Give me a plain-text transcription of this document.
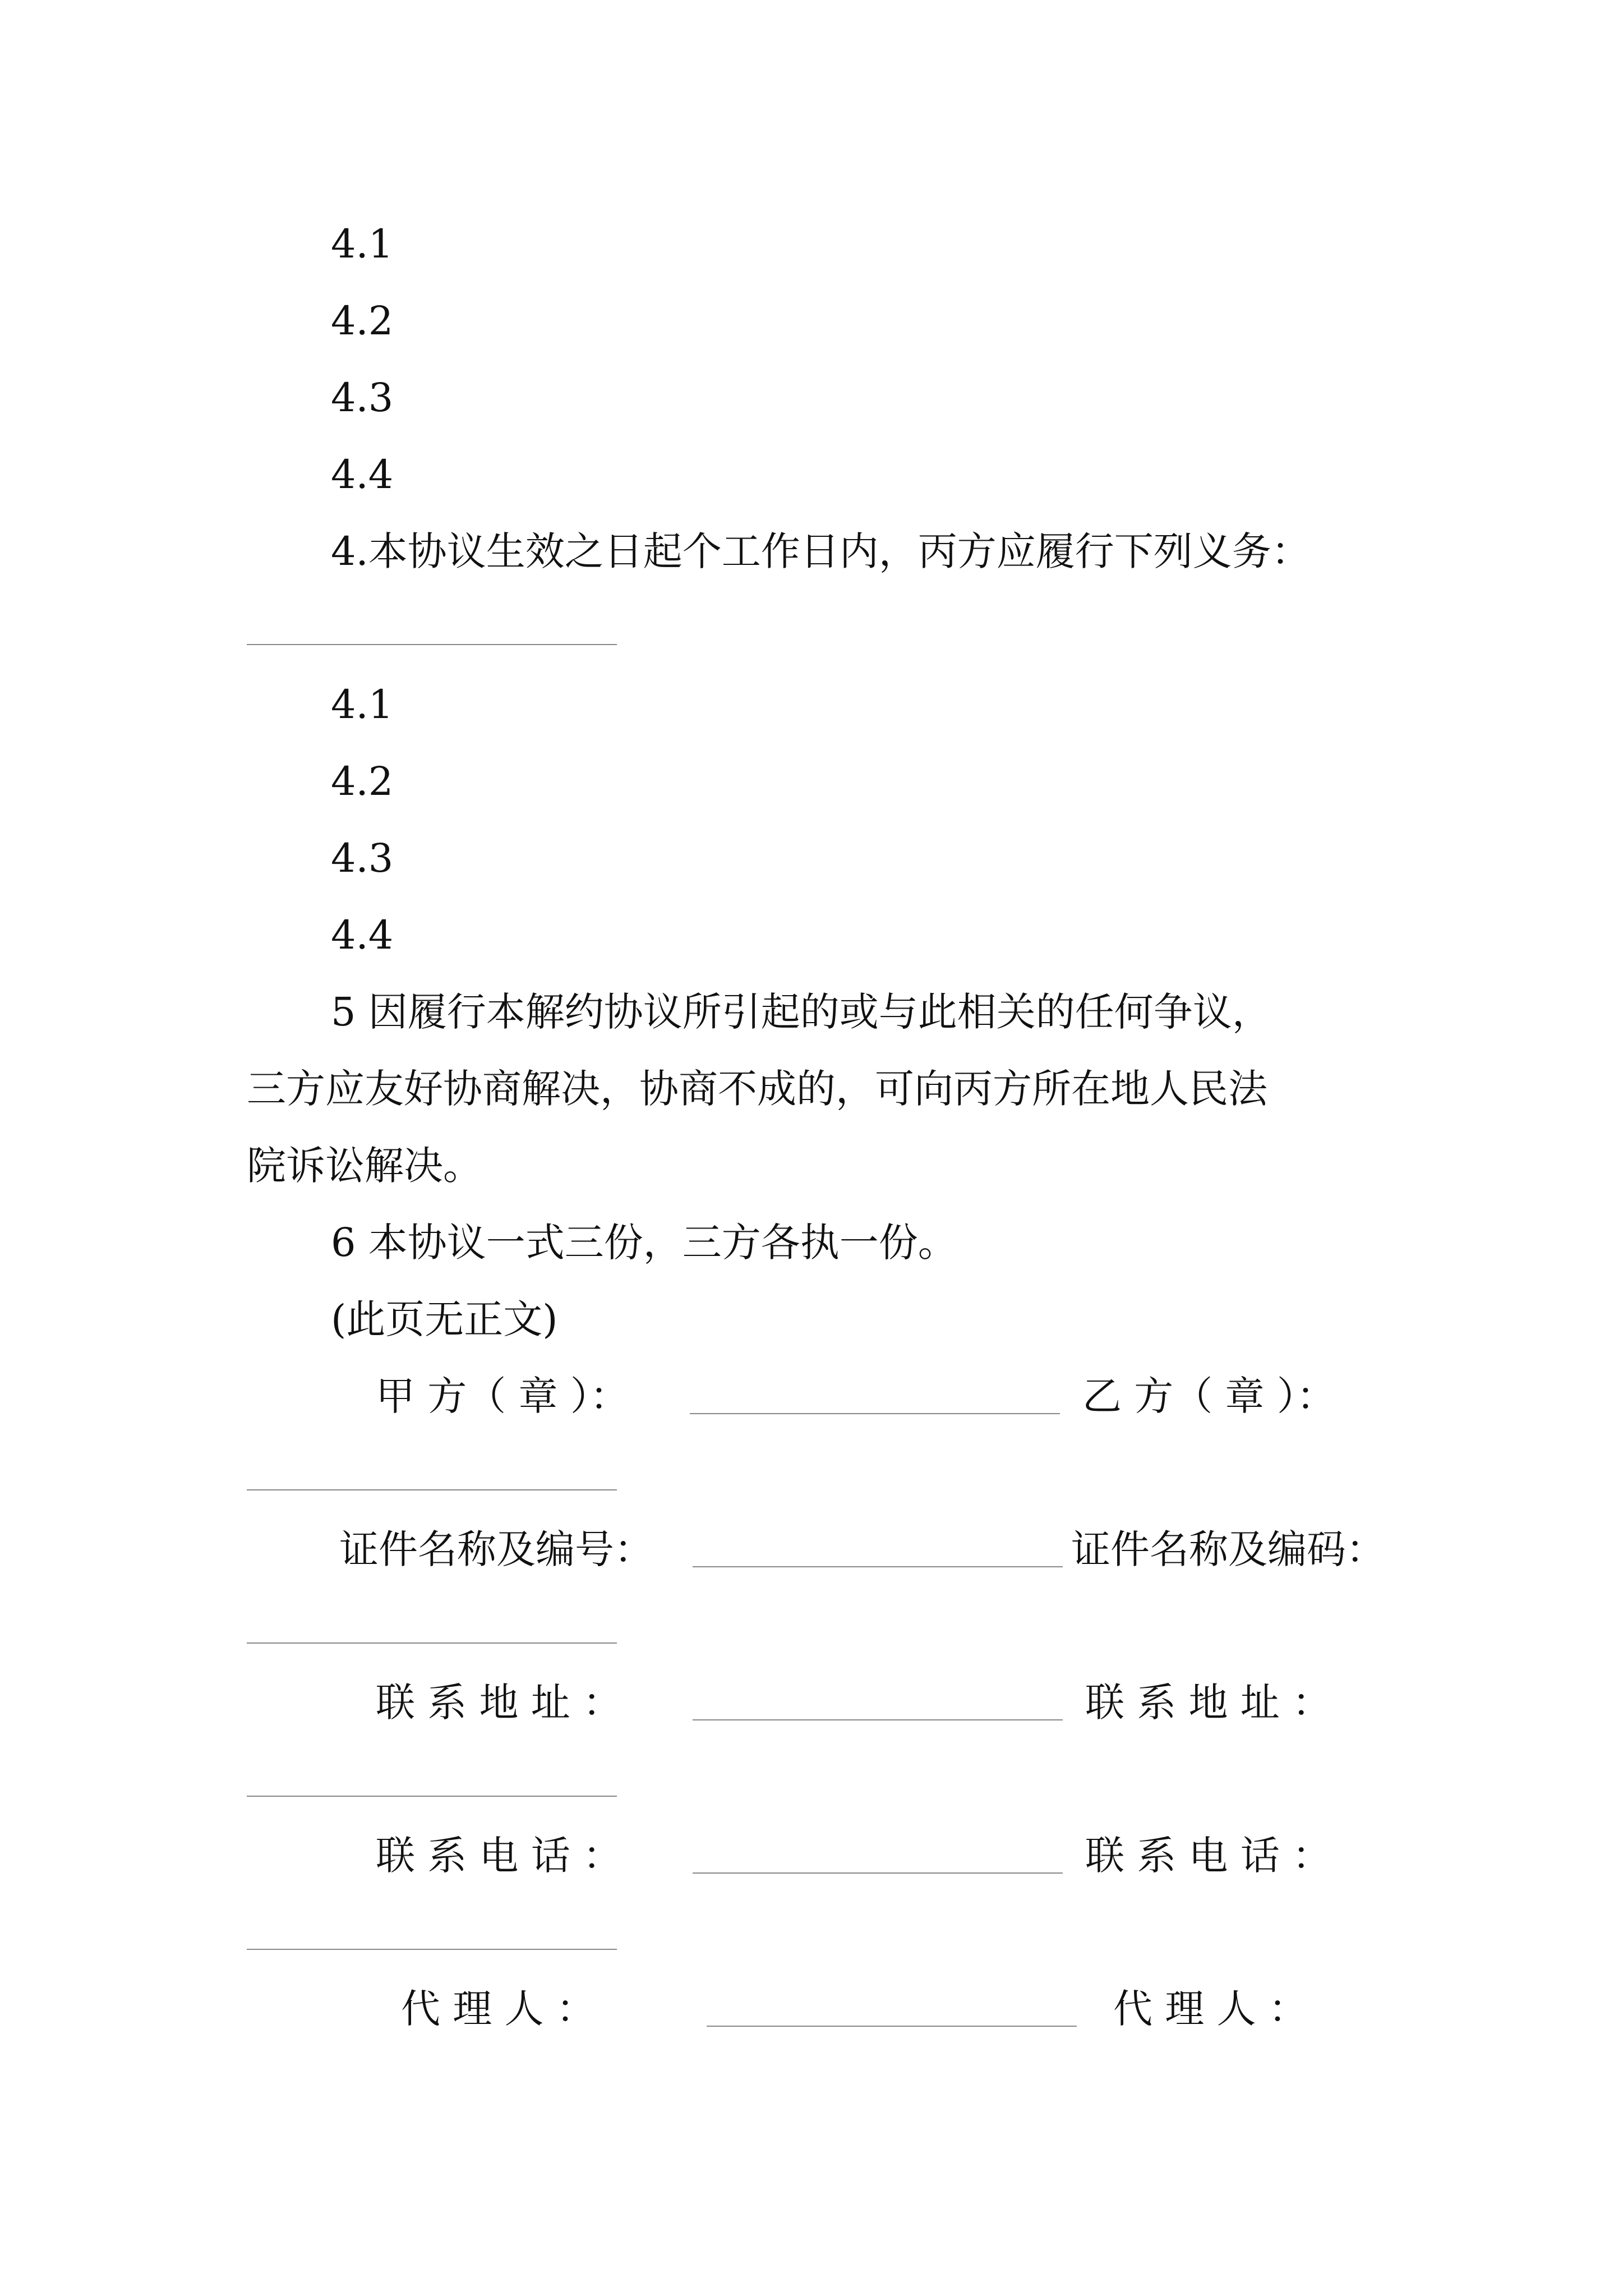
4.1
4.2
4.3
4.4
4.本协议生效之日起个工作日内，丙方应履行下列义务：
4.1
4.2
4.3
4.4
5 因履行本解约协议所引起的或与此相关的任何争议，
三方应友好协商解决，协商不成的，可向丙方所在地人民法
院诉讼解决。
6 本协议一式三份，三方各执一份。
(此页无正文)
甲 方（ 章 ）：	乙 方（ 章 ）：
证件名称及编号：	证件名称及编码：
联 系 地 址 ：	联 系 地 址 ：
联 系 电 话 ：	联 系 电 话 ：
代 理 人 ：	代 理 人 ：
